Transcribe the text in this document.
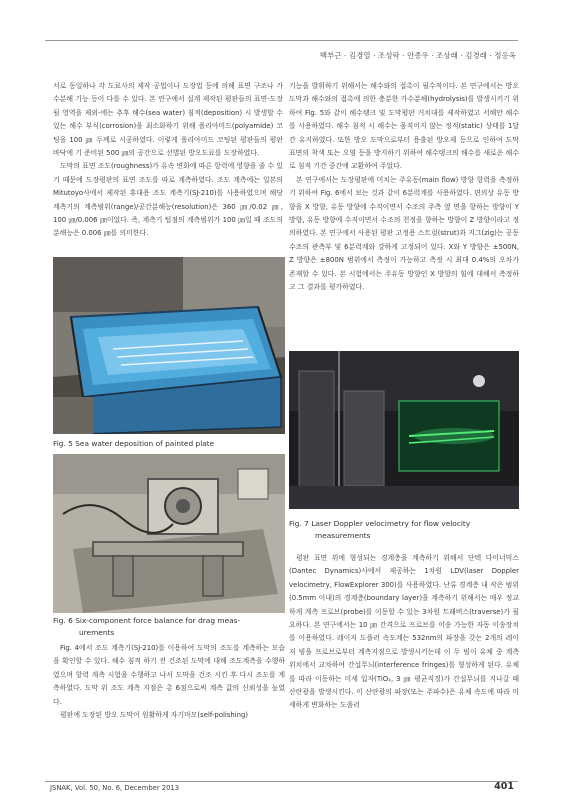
백부근 · 김경열 · 조성락 · 안종우 · 조상래 · 김경래 · 정응옥

서로 동일하나 각 도료사의 제작 공법이나 도장법 등에 의해 표면 구조나 가수분해 기능 등이 다를 수 있다. 본 연구에서 설계 제작된 평판들의 표면-도장될 영역을 제외-에는 추후 해수(sea water) 침적(deposition) 시 발생할 수 있는 해수 부식(corrosion)을 최소화하기 위해 폴리아미드(polyamide) 코팅을 100 ㎛ 두께로 시공하였다. 이렇게 폴리아미드 코팅된 평판들의 평판 바닥에 기 준비된 500 ㎛의 공간으로 선별된 방오도료를 도장하였다.

도막의 표면 조도(roughness)가 유속 변화에 따른 항력에 영향을 줄 수 있기 때문에 도장평판의 표면 조도를 따로 계측하였다. 조도 계측에는 일본의 Mitutoyo사에서 제작된 휴대용 조도 계측기(SJ-210)를 사용하였으며 해당 계측기의 계측범위(range)/공간분해능(resolution)은 360 ㎛/0.02 ㎛, 100 ㎛/0.006 ㎛이었다. 즉, 계측기 팁점의 계측범위가 100 ㎛일 때 조도의 분해능은 0.006 ㎛를 의미한다.

기능을 발휘하기 위해서는 해수와의 접촉이 필수적이다. 본 연구에서는 방오 도막과 해수와의 접촉에 의한 충분한 가수분해(hydrolysis)를 발생시키기 위하여 Fig. 5와 같이 해수탱크 및 도막평판 거치대를 제작하였고 서해안 해수를 사용하였다. 해수 침적 시 해수는 움직이지 않는 정적(static) 상태를 1달 간 유지하였다. 또한 방오 도막으로부터 용출된 방오제 등으로 인하여 도막 표면의 착색 또는 오염 등을 방지하기 위하여 해수탱크의 해수를 새로운 해수로 침적 기간 중간에 교환하여 주었다.

본 연구에서는 도장평판에 미치는 주유동(main flow) 방향 항력을 측정하기 위하여 Fig. 6에서 보는 것과 같이 6분력계를 사용하였다. 편의상 유동 방향을 X 방향, 유동 방향에 수직이면서 수조의 주측 옆 면을 향하는 방향이 Y 방향, 유동 방향에 수직이면서 수조의 천정을 향하는 방향이 Z 방향이라고 정의하였다. 본 연구에서 사용된 평판 고정용 스트럿(strut)과 지그(zig)는 공동 수조의 관측부 및 6분력계와 강하게 고정되어 있다. X와 Y 방향은 ±500N, Z 방향은 ±800N 범위에서 측정이 가능하고 측정 시 최대 0.4%의 오차가 존재할 수 있다. 본 시험에서는 주유동 방향인 X 방향의 힘에 대해서 측정하고 그 결과를 평가하였다.

Fig. 5 Sea water deposition of painted plate
Fig. 6 Six-component force balance for drag meas-
urements
Fig. 7 Laser Doppler velocimetry for flow velocity
measurements

Fig. 4에서 조도 계측기(SJ-210)를 이용하여 도막의 조도를 계측하는 모습을 확인할 수 있다. 해수 침적 하기 전 건조된 도막에 대해 조도계측을 수행하였으며 항력 계측 시험을 수행하고 나서 도막을 건조 시킨 후 다시 조도를 계측하였다. 도막 위 조도 계측 지점은 총 6점으로써 계측 값의 신뢰성을 높였다.

평판에 도장된 방오 도막이 원활하게 자기마모(self-polishing)

평판 표면 위에 형성되는 경계층을 계측하기 위해서 단텍 다이너믹스(Dantec Dynamics)사에서 제공하는 1차원 LDV(laser Doppler velocimetry, FlowExplorer 300)를 사용하였다. 난류 경계층 내 작은 범위(0.5mm 이내)의 경계층(boundary layer)을 계측하기 위해서는 매우 정교하게 계측 프로브(probe)를 이동할 수 있는 3차원 트래버스(traverse)가 필요하다. 본 연구에서는 10 ㎛ 간격으로 프로브를 이송 가능한 자동 이송장치를 이용하였다. 레이저 도플러 속도계는 532nm의 파장을 갖는 2개의 레이저 빔을 프로브로부터 계측지점으로 발생시키는데 이 두 빔이 유체 중 계측 위치에서 교차하여 간섭무늬(interference fringes)를 형성하게 된다. 유체를 따라 이동하는 미세 입자(TiO₂, 3 ㎛ 평균직경)가 간섭무늬를 지나갈 때 산란광을 발생시킨다. 이 산란광의 파장(또는 주파수)은 유체 속도에 따라 미세하게 변화하는 도플러

JSNAK, Vol. 50, No. 6, December 2013	401
